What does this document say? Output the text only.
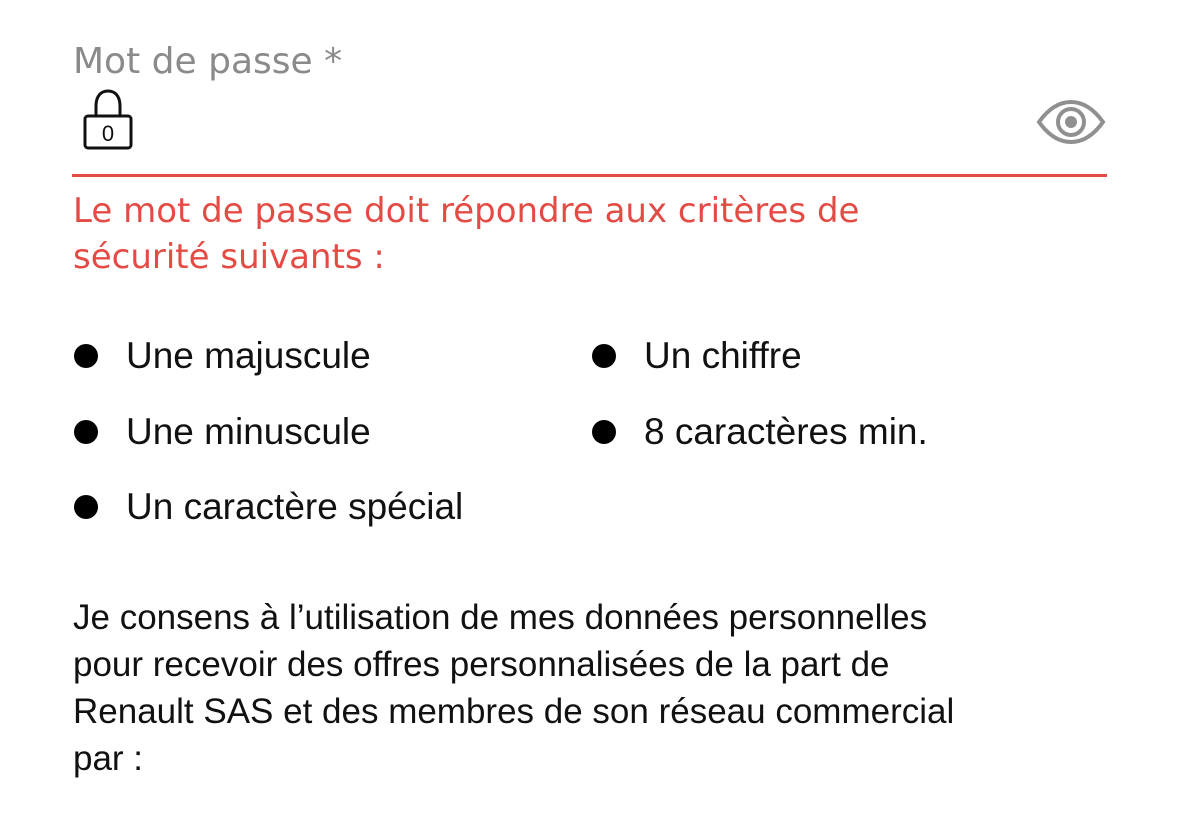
Mot de passe *
0
Le mot de passe doit répondre aux critères de
sécurité suivants :
Une majuscule	Un chiffre
Une minuscule	8 caractères min.
Un caractère spécial
Je consens à l’utilisation de mes données personnelles
pour recevoir des offres personnalisées de la part de
Renault SAS et des membres de son réseau commercial
par :
